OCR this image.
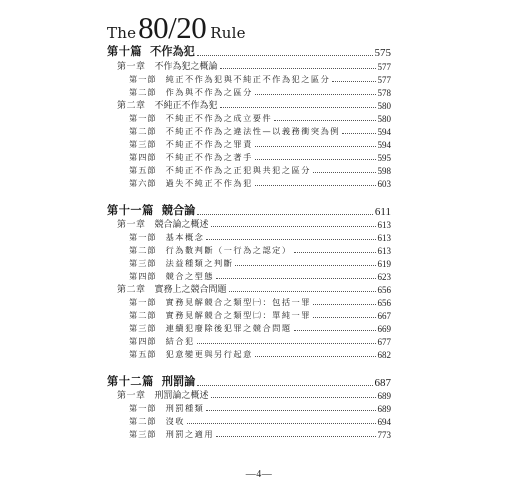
The 80/20 Rule
第十篇 不作為犯	575
第一章 不作為犯之概論	577
第一節 純正不作為犯與不純正不作為犯之區分	577
第二節 作為與不作為之區分	578
第二章 不純正不作為犯	580
第一節 不純正不作為之成立要件	580
第二節 不純正不作為之違法性—以義務衝突為例	594
第三節 不純正不作為之罪責	594
第四節 不純正不作為之著手	595
第五節 不純正不作為之正犯與共犯之區分	598
第六節 過失不純正不作為犯	603
第十一篇 競合論	611
第一章 競合論之概述	613
第一節 基本概念	613
第二節 行為數判斷（一行為之認定）	613
第三節 法益種類之判斷	619
第四節 競合之型態	623
第二章 實務上之競合問題	656
第一節 實務見解競合之類型㈠：包括一罪	656
第二節 實務見解競合之類型㈡：單純一罪	667
第三節 連續犯廢除後犯罪之競合問題	669
第四節 結合犯	677
第五節 犯意變更與另行起意	682
第十二篇 刑罰論	687
第一章 刑罰論之概述	689
第一節 刑罰種類	689
第二節 沒收	694
第三節 刑罰之適用	773
—4—
